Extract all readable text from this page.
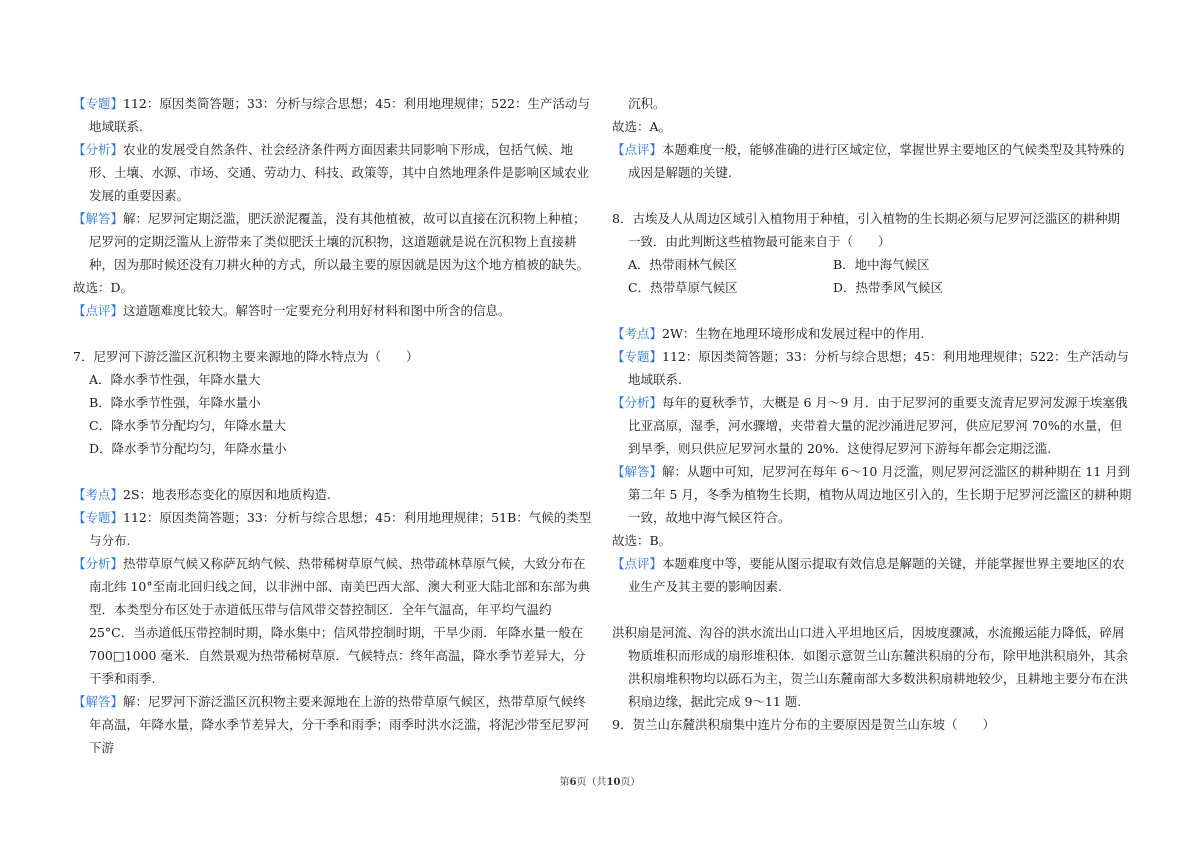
【专题】112：原因类简答题；33：分析与综合思想；45：利用地理规律；522：生产活动与地域联系.

【分析】农业的发展受自然条件、社会经济条件两方面因素共同影响下形成，包括气候、地形、土壤、水源、市场、交通、劳动力、科技、政策等，其中自然地理条件是影响区域农业发展的重要因素。

【解答】解：尼罗河定期泛滥，肥沃淤泥覆盖，没有其他植被，故可以直接在沉积物上种植；尼罗河的定期泛滥从上游带来了类似肥沃土壤的沉积物，这道题就是说在沉积物上直接耕种，因为那时候还没有刀耕火种的方式，所以最主要的原因就是因为这个地方植被的缺失。

故选：D。

【点评】这道题难度比较大。解答时一定要充分利用好材料和图中所含的信息。

7．尼罗河下游泛滥区沉积物主要来源地的降水特点为（　　）

A．降水季节性强，年降水量大
B．降水季节性强，年降水量小
C．降水季节分配均匀，年降水量大
D．降水季节分配均匀，年降水量小

【考点】2S：地表形态变化的原因和地质构造.

【专题】112：原因类简答题；33：分析与综合思想；45：利用地理规律；51B：气候的类型与分布.

【分析】热带草原气候又称萨瓦纳气候、热带稀树草原气候、热带疏林草原气候，大致分布在南北纬 10°至南北回归线之间，以非洲中部、南美巴西大部、澳大利亚大陆北部和东部为典型．本类型分布区处于赤道低压带与信风带交替控制区．全年气温高，年平均气温约 25°C．当赤道低压带控制时期，降水集中；信风带控制时期，干旱少雨．年降水量一般在 700□1000 毫米．自然景观为热带稀树草原．气候特点：终年高温，降水季节差异大，分干季和雨季.

【解答】解：尼罗河下游泛滥区沉积物主要来源地在上游的热带草原气候区，热带草原气候终年高温，年降水量，降水季节差异大，分干季和雨季；雨季时洪水泛滥，将泥沙带至尼罗河下游

沉积。

故选：A。

【点评】本题难度一般，能够准确的进行区域定位，掌握世界主要地区的气候类型及其特殊的成因是解题的关键.

8．古埃及人从周边区域引入植物用于种植，引入植物的生长期必须与尼罗河泛滥区的耕种期一致．由此判断这些植物最可能来自于（　　）

A．热带雨林气候区	B．地中海气候区
C．热带草原气候区	D．热带季风气候区

【考点】2W：生物在地理环境形成和发展过程中的作用.

【专题】112：原因类简答题；33：分析与综合思想；45：利用地理规律；522：生产活动与地域联系.

【分析】每年的夏秋季节，大概是 6 月～9 月．由于尼罗河的重要支流青尼罗河发源于埃塞俄比亚高原，湿季，河水骤增，夹带着大量的泥沙涌进尼罗河，供应尼罗河 70%的水量，但到旱季，则只供应尼罗河水量的 20%．这使得尼罗河下游每年都会定期泛滥.

【解答】解：从题中可知，尼罗河在每年 6～10 月泛滥，则尼罗河泛滥区的耕种期在 11 月到第二年 5 月，冬季为植物生长期，植物从周边地区引入的，生长期于尼罗河泛滥区的耕种期一致，故地中海气候区符合。

故选：B。

【点评】本题难度中等，要能从图示提取有效信息是解题的关键，并能掌握世界主要地区的农业生产及其主要的影响因素.

洪积扇是河流、沟谷的洪水流出山口进入平坦地区后，因坡度骤减，水流搬运能力降低，碎屑物质堆积而形成的扇形堆积体．如图示意贺兰山东麓洪积扇的分布，除甲地洪积扇外，其余洪积扇堆积物均以砾石为主，贺兰山东麓南部大多数洪积扇耕地较少，且耕地主要分布在洪积扇边缘，据此完成 9～11 题.

9．贺兰山东麓洪积扇集中连片分布的主要原因是贺兰山东坡（　　）

第6页（共10页）
